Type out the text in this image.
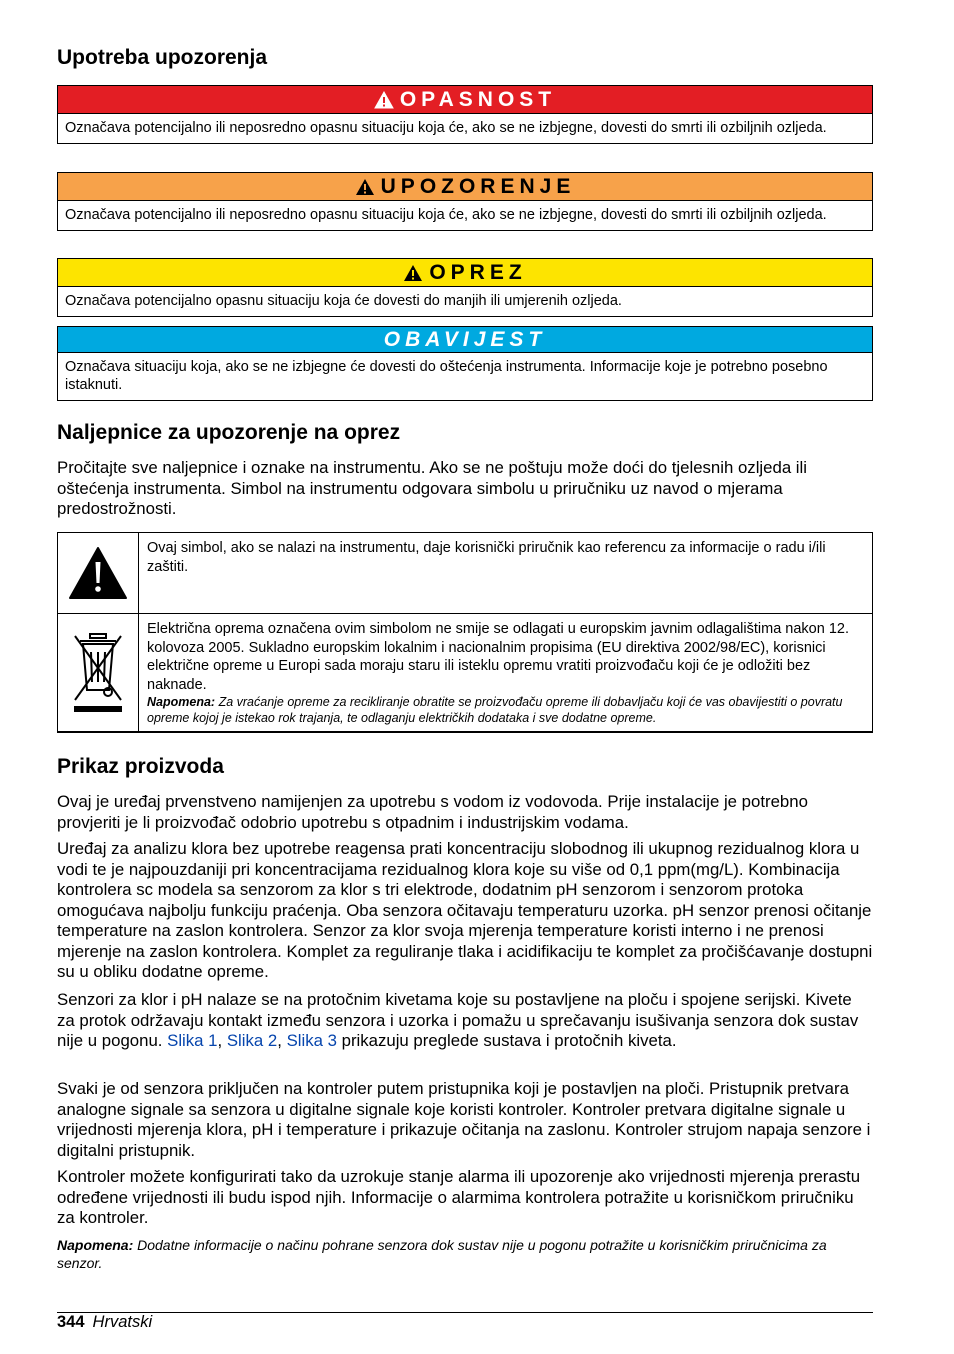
Upotreba upozorenja
OPASNOST
Označava potencijalno ili neposredno opasnu situaciju koja će, ako se ne izbjegne, dovesti do smrti ili ozbiljnih ozljeda.
UPOZORENJE
Označava potencijalno ili neposredno opasnu situaciju koja će, ako se ne izbjegne, dovesti do smrti ili ozbiljnih ozljeda.
OPREZ
Označava potencijalno opasnu situaciju koja će dovesti do manjih ili umjerenih ozljeda.
OBAVIJEST
Označava situaciju koja, ako se ne izbjegne će dovesti do oštećenja instrumenta. Informacije koje je potrebno posebno istaknuti.
Naljepnice za upozorenje na oprez

Pročitajte sve naljepnice i oznake na instrumentu. Ako se ne poštuju može doći do tjelesnih ozljeda ili oštećenja instrumenta. Simbol na instrumentu odgovara simbolu u priručniku uz navod o mjerama predostrožnosti.

Ovaj simbol, ako se nalazi na instrumentu, daje korisnički priručnik kao referencu za informacije o radu i/ili zaštiti.
Električna oprema označena ovim simbolom ne smije se odlagati u europskim javnim odlagalištima nakon 12. kolovoza 2005. Sukladno europskim lokalnim i nacionalnim propisima (EU direktiva 2002/98/EC), korisnici električne opreme u Europi sada moraju staru ili isteklu opremu vratiti proizvođaču koji će je odložiti bez naknade.
Napomena: Za vraćanje opreme za recikliranje obratite se proizvođaču opreme ili dobavljaču koji će vas obavijestiti o povratu opreme kojoj je istekao rok trajanja, te odlaganju električkih dodataka i sve dodatne opreme.
Prikaz proizvoda

Ovaj je uređaj prvenstveno namijenjen za upotrebu s vodom iz vodovoda. Prije instalacije je potrebno provjeriti je li proizvođač odobrio upotrebu s otpadnim i industrijskim vodama.

Uređaj za analizu klora bez upotrebe reagensa prati koncentraciju slobodnog ili ukupnog rezidualnog klora u vodi te je najpouzdaniji pri koncentracijama rezidualnog klora koje su više od 0,1 ppm(mg/L). Kombinacija kontrolera sc modela sa senzorom za klor s tri elektrode, dodatnim pH senzorom i senzorom protoka omogućava najbolju funkciju praćenja. Oba senzora očitavaju temperaturu uzorka. pH senzor prenosi očitanje temperature na zaslon kontrolera. Senzor za klor svoja mjerenja temperature koristi interno i ne prenosi mjerenje na zaslon kontrolera. Komplet za reguliranje tlaka i acidifikaciju te komplet za pročišćavanje dostupni su u obliku dodatne opreme.

Senzori za klor i pH nalaze se na protočnim kivetama koje su postavljene na ploču i spojene serijski. Kivete za protok održavaju kontakt između senzora i uzorka i pomažu u sprečavanju isušivanja senzora dok sustav nije u pogonu. Slika 1, Slika 2, Slika 3 prikazuju preglede sustava i protočnih kiveta.

Svaki je od senzora priključen na kontroler putem pristupnika koji je postavljen na ploči. Pristupnik pretvara analogne signale sa senzora u digitalne signale koje koristi kontroler. Kontroler pretvara digitalne signale u vrijednosti mjerenja klora, pH i temperature i prikazuje očitanja na zaslonu. Kontroler strujom napaja senzore i digitalni pristupnik.

Kontroler možete konfigurirati tako da uzrokuje stanje alarma ili upozorenje ako vrijednosti mjerenja prerastu određene vrijednosti ili budu ispod njih. Informacije o alarmima kontrolera potražite u korisničkom priručniku za kontroler.

Napomena: Dodatne informacije o načinu pohrane senzora dok sustav nije u pogonu potražite u korisničkim priručnicima za senzor.

344 Hrvatski
